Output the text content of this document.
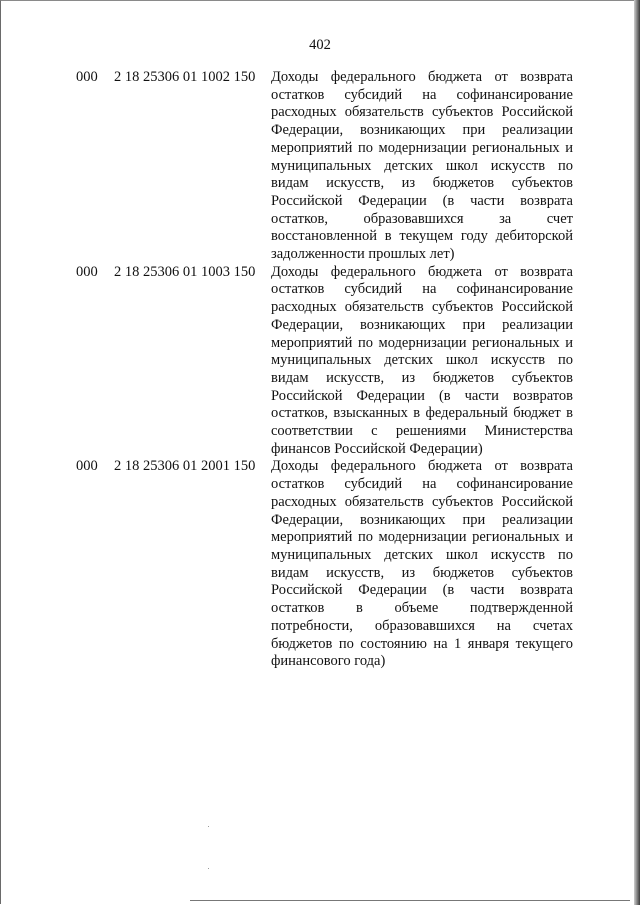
402
000	2 18 25306 01 1002 150	Доходы федерального бюджета от возврата остатков субсидий на софинансирование расходных обязательств субъектов Российской Федерации, возникающих при реализации мероприятий по модернизации региональных и муниципальных детских школ искусств по видам искусств, из бюджетов субъектов Российской Федерации (в части возврата остатков, образовавшихся за счет восстановленной в текущем году дебиторской задолженности прошлых лет)
000	2 18 25306 01 1003 150	Доходы федерального бюджета от возврата остатков субсидий на софинансирование расходных обязательств субъектов Российской Федерации, возникающих при реализации мероприятий по модернизации региональных и муниципальных детских школ искусств по видам искусств, из бюджетов субъектов Российской Федерации (в части возвратов остатков, взысканных в федеральный бюджет в соответствии с решениями Министерства финансов Российской Федерации)
000	2 18 25306 01 2001 150	Доходы федерального бюджета от возврата остатков субсидий на софинансирование расходных обязательств субъектов Российской Федерации, возникающих при реализации мероприятий по модернизации региональных и муниципальных детских школ искусств по видам искусств, из бюджетов субъектов Российской Федерации (в части возврата остатков в объеме подтвержденной потребности, образовавшихся на счетах бюджетов по состоянию на 1 января текущего финансового года)
